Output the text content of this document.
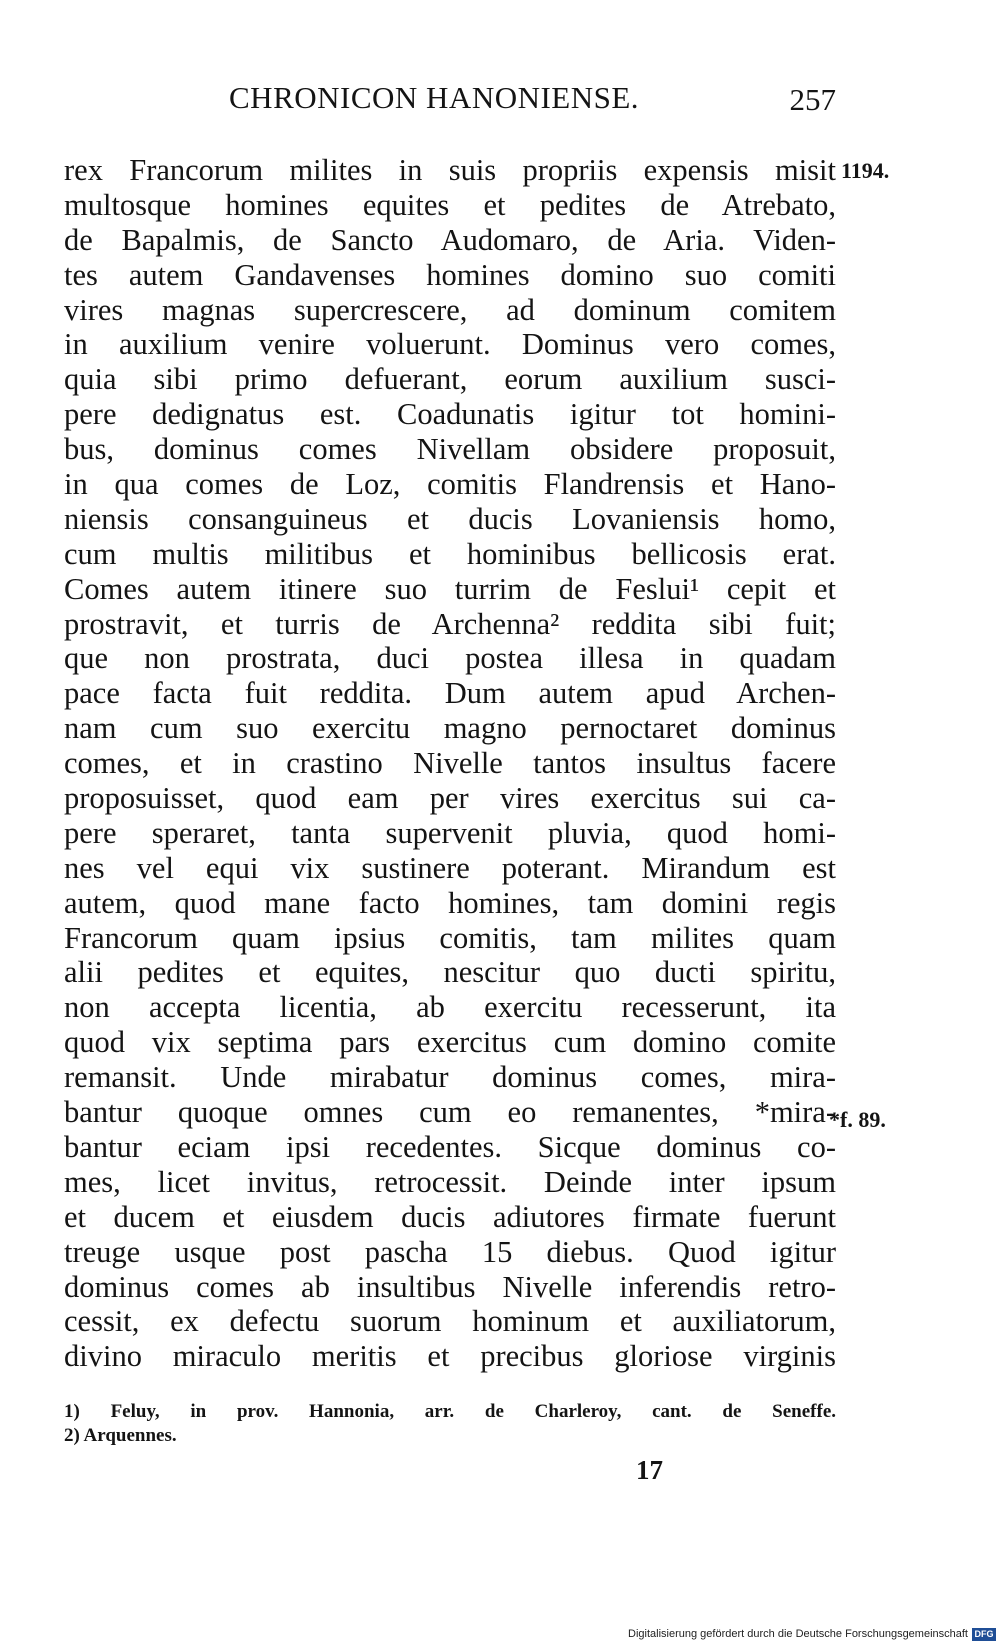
CHRONICON HANONIENSE.	257
rex Francorum milites in suis propriis expensis misit
multosque homines equites et pedites de Atrebato,
de Bapalmis, de Sancto Audomaro, de Aria. Viden-
tes autem Gandavenses homines domino suo comiti
vires magnas supercrescere, ad dominum comitem
in auxilium venire voluerunt. Dominus vero comes,
quia sibi primo defuerant, eorum auxilium susci-
pere dedignatus est. Coadunatis igitur tot homini-
bus, dominus comes Nivellam obsidere proposuit,
in qua comes de Loz, comitis Flandrensis et Hano-
niensis consanguineus et ducis Lovaniensis homo,
cum multis militibus et hominibus bellicosis erat.
Comes autem itinere suo turrim de Feslui¹ cepit et
prostravit, et turris de Archenna² reddita sibi fuit;
que non prostrata, duci postea illesa in quadam
pace facta fuit reddita. Dum autem apud Archen-
nam cum suo exercitu magno pernoctaret dominus
comes, et in crastino Nivelle tantos insultus facere
proposuisset, quod eam per vires exercitus sui ca-
pere speraret, tanta supervenit pluvia, quod homi-
nes vel equi vix sustinere poterant. Mirandum est
autem, quod mane facto homines, tam domini regis
Francorum quam ipsius comitis, tam milites quam
alii pedites et equites, nescitur quo ducti spiritu,
non accepta licentia, ab exercitu recesserunt, ita
quod vix septima pars exercitus cum domino comite
remansit. Unde mirabatur dominus comes, mira-
bantur quoque omnes cum eo remanentes, *mira-
bantur eciam ipsi recedentes. Sicque dominus co-
mes, licet invitus, retrocessit. Deinde inter ipsum
et ducem et eiusdem ducis adiutores firmate fuerunt
treuge usque post pascha 15 diebus. Quod igitur
dominus comes ab insultibus Nivelle inferendis retro-
cessit, ex defectu suorum hominum et auxiliatorum,
divino miraculo meritis et precibus gloriose virginis
1194.
*f. 89.
1) Feluy, in prov. Hannonia, arr. de Charleroy, cant. de Seneffe.
2) Arquennes.
17
Digitalisierung gefördert durch die Deutsche Forschungsgemeinschaft DFG
